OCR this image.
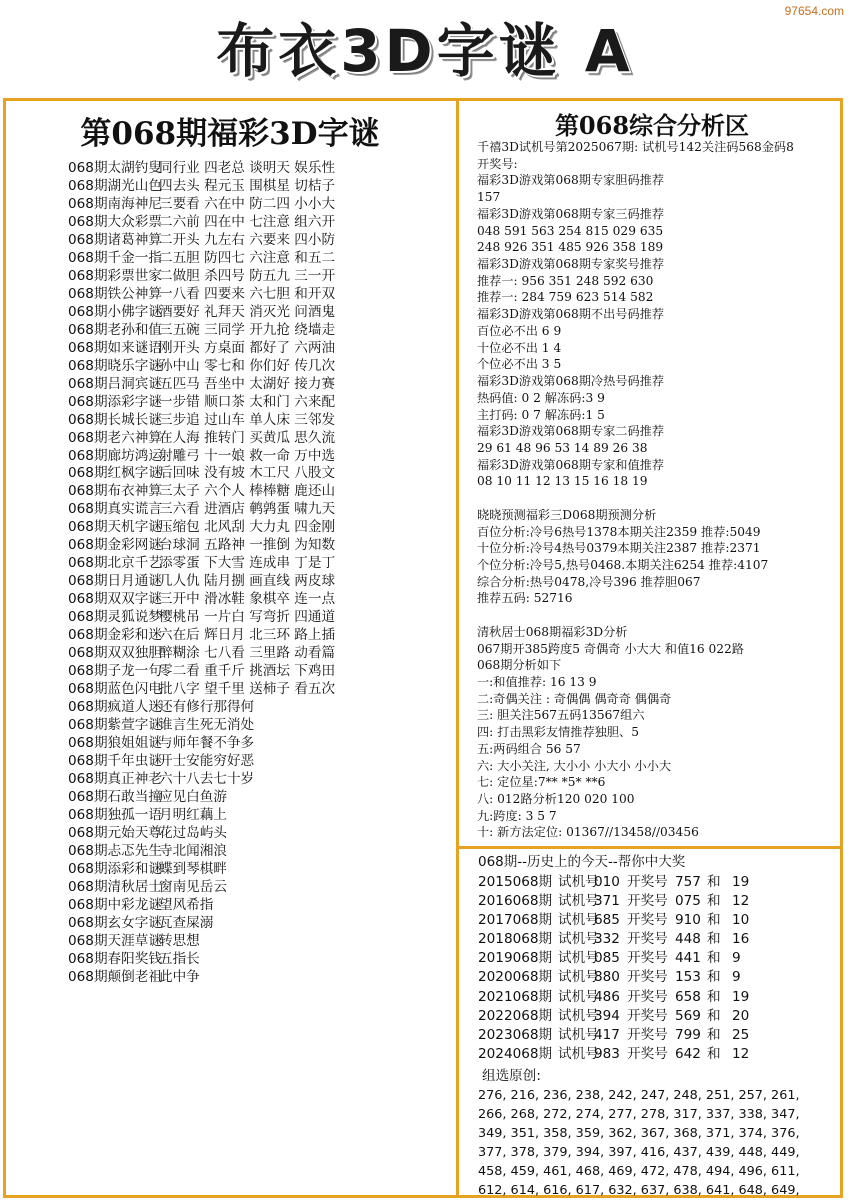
97654.com
布衣3D字谜 A
第068期福彩3D字谜
068期太湖钓叟同行业 四老总 谈明天 娱乐性
068期湖光山色四去头 程元玉 围棋星 切桔子
068期南海神尼三要看 六在中 防二四 小小大
068期大众彩票二六前 四在中 七注意 组六开
068期诸葛神算二开头 九左右 六要来 四小防
068期千金一指二五胆 防四七 六注意 和五二
068期彩票世家二做胆 杀四号 防五九 三一开
068期铁公神算一八看 四要来 六七胆 和开双
068期小佛字谜酒要好 礼拜天 消灭光 问酒鬼
068期老孙和值三五碗 三同学 开九抢 绕墙走
068期如来谜语刚开头 方桌面 都好了 六两油
068期晓乐字谜孙中山 零七和 你们好 传几次
068期吕洞宾谜五匹马 吾坐中 太湖好 接力赛
068期添彩字谜一步错 顺口茶 太和门 六来配
068期长城长谜三步追 过山车 单人床 三邻发
068期老六神算在人海 推转门 买黄瓜 思久流
068期廊坊鸿运射雕弓 十一娘 救一命 万中选
068期红枫字谜后回味 没有坡 木工尺 八股文
068期布衣神算三太子 六个人 棒棒糖 鹿还山
068期真实谎言三六看 进酒店 鹌鹑蛋 啸九天
068期天机字谜压缩包 北风刮 大力丸 四金刚
068期金彩网谜台球洞 五路神 一推倒 为知数
068期北京千艺添零蛋 下大雪 连成串 丁是丁
068期日月通谜几人仇 陆月捌 画直线 两皮球
068期双双字谜三开中 滑冰鞋 象棋卒 连一点
068期灵狐说梦樱桃吊 一片白 写弯折 四通道
068期金彩和迷六在后 辉日月 北三环 路上插
068期双双独胆醉糊涂 七八看 三里路 动看篇
068期子龙一句零二看 重千斤 挑酒坛 下鸡田
068期蓝色闪电批八字 望千里 送柿子 看五次
068期疯道人迷还有修行那得何
068期紫萱字谜谁言生死无消处
068期狼姐姐谜与师年餐不争多
068期千年虫谜开士安能穷好恶
068期真正神老六十八去七十岁
068期石敢当撞应见白鱼游
068期独孤一语月明红藕上
068期元始天尊花过岛屿头
068期忐忑先生寺北闻湘浪
068期添彩和谜蝶到琴棋畔
068期清秋居士窗南见岳云
068期中彩龙谜望风希指
068期玄女字谜瓦查屎溺
068期天涯草谜转思想
068期春阳奖钱五指长
068期颠倒老祖此中争
第068综合分析区
千禧3D试机号第2025067期: 试机号142关注码568金码8
开奖号:
福彩3D游戏第068期专家胆码推荐
157
福彩3D游戏第068期专家三码推荐
048 591 563 254 815 029 635
248 926 351 485 926 358 189
福彩3D游戏第068期专家奖号推荐
推荐一: 956 351 248 592 630
推荐一: 284 759 623 514 582
福彩3D游戏第068期不出号码推荐
百位必不出 6 9
十位必不出 1 4
个位必不出 3 5
福彩3D游戏第068期冷热号码推荐
热码值: 0 2 解冻码:3 9
主打码: 0 7 解冻码:1 5
福彩3D游戏第068期专家二码推荐
29 61 48 96 53 14 89 26 38
福彩3D游戏第068期专家和值推荐
08 10 11 12 13 15 16 18 19
晓晓预测福彩三D068期预测分析
百位分析:冷号6热号1378本期关注2359 推荐:5049
十位分析:冷号4热号0379本期关注2387 推荐:2371
个位分析:冷号5,热号0468.本期关注6254 推荐:4107
综合分析:热号0478,冷号396 推荐胆067
推荐五码: 52716
清秋居士068期福彩3D分析
067期开385跨度5 奇偶奇 小大大 和值16 022路
068期分析如下
一:和值推荐: 16 13 9
二:奇偶关注 : 奇偶偶 偶奇奇 偶偶奇
三: 胆关注567五码13567组六
四: 打击黑彩友情推荐独胆、5
五:两码组合 56 57
六: 大小关注, 大小小 小大小 小小大
七: 定位星:7** *5* **6
八: 012路分析120 020 100
九:跨度: 3 5 7
十: 新方法定位: 01367//13458//03456
068期--历史上的今天--帮你中大奖
2015068期 试机号010 开奖号 757 和 19
2016068期 试机号371 开奖号 075 和 12
2017068期 试机号685 开奖号 910 和 10
2018068期 试机号332 开奖号 448 和 16
2019068期 试机号085 开奖号 441 和 9
2020068期 试机号880 开奖号 153 和 9
2021068期 试机号486 开奖号 658 和 19
2022068期 试机号394 开奖号 569 和 20
2023068期 试机号417 开奖号 799 和 25
2024068期 试机号983 开奖号 642 和 12
组选原创:
276, 216, 236, 238, 242, 247, 248, 251, 257, 261,
266, 268, 272, 274, 277, 278, 317, 337, 338, 347,
349, 351, 358, 359, 362, 367, 368, 371, 374, 376,
377, 378, 379, 394, 397, 416, 437, 439, 448, 449,
458, 459, 461, 468, 469, 472, 478, 494, 496, 611,
612, 614, 616, 617, 632, 637, 638, 641, 648, 649,
